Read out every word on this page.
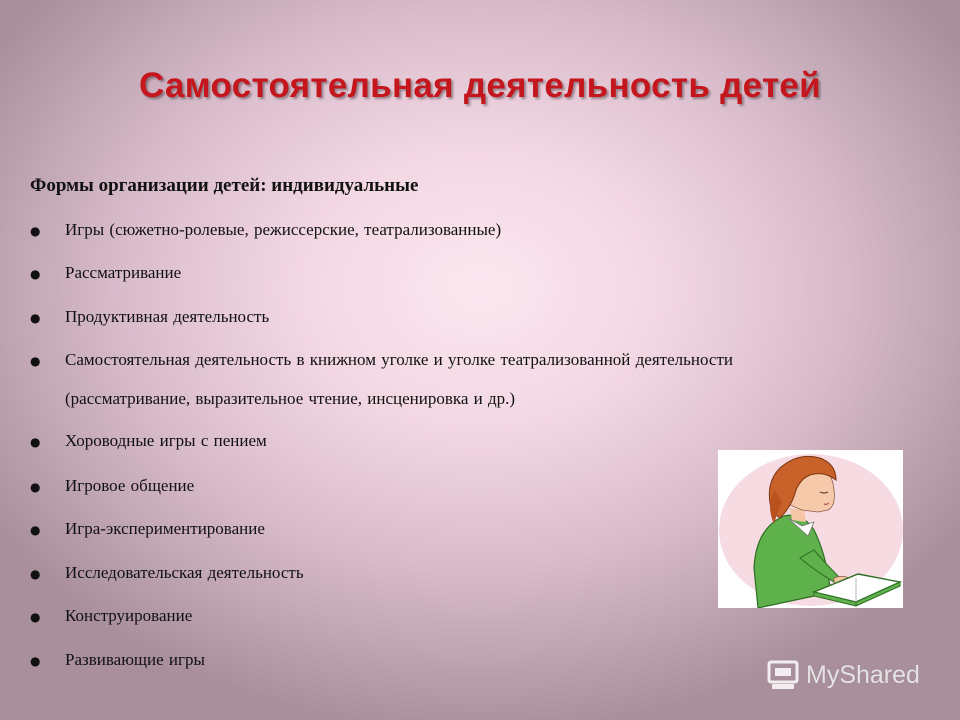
Самостоятельная деятельность детей
Формы организации детей: индивидуальные
● Игры (сюжетно-ролевые, режиссерские, театрализованные)
● Рассматривание
● Продуктивная деятельность
● Самостоятельная деятельность в книжном уголке и уголке театрализованной деятельности
(рассматривание, выразительное чтение, инсценировка и др.)
● Хороводные игры с пением
● Игровое общение
● Игра-экспериментирование
● Исследовательская деятельность
● Конструирование
● Развивающие игры
MyShared
